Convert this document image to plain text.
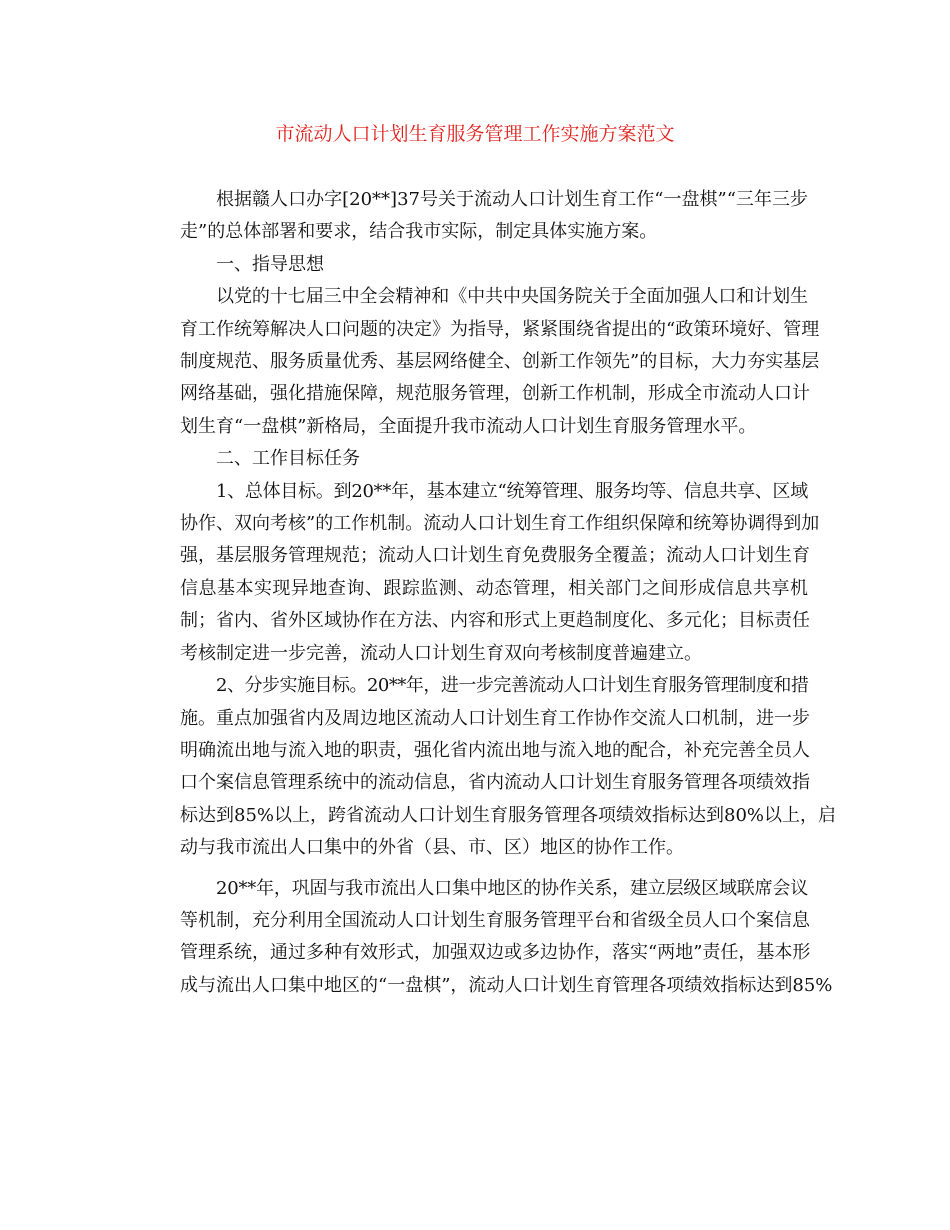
市流动人口计划生育服务管理工作实施方案范文
根据赣人口办字[20**]37号关于流动人口计划生育工作“一盘棋”“三年三步
走”的总体部署和要求，结合我市实际，制定具体实施方案。
一、指导思想
以党的十七届三中全会精神和《中共中央国务院关于全面加强人口和计划生
育工作统筹解决人口问题的决定》为指导，紧紧围绕省提出的“政策环境好、管理
制度规范、服务质量优秀、基层网络健全、创新工作领先”的目标，大力夯实基层
网络基础，强化措施保障，规范服务管理，创新工作机制，形成全市流动人口计
划生育“一盘棋”新格局，全面提升我市流动人口计划生育服务管理水平。
二、工作目标任务
1、总体目标。到20**年，基本建立“统筹管理、服务均等、信息共享、区域
协作、双向考核”的工作机制。流动人口计划生育工作组织保障和统筹协调得到加
强，基层服务管理规范；流动人口计划生育免费服务全覆盖；流动人口计划生育
信息基本实现异地查询、跟踪监测、动态管理，相关部门之间形成信息共享机
制；省内、省外区域协作在方法、内容和形式上更趋制度化、多元化；目标责任
考核制定进一步完善，流动人口计划生育双向考核制度普遍建立。
2、分步实施目标。20**年，进一步完善流动人口计划生育服务管理制度和措
施。重点加强省内及周边地区流动人口计划生育工作协作交流人口机制，进一步
明确流出地与流入地的职责，强化省内流出地与流入地的配合，补充完善全员人
口个案信息管理系统中的流动信息，省内流动人口计划生育服务管理各项绩效指
标达到85%以上，跨省流动人口计划生育服务管理各项绩效指标达到80%以上，启
动与我市流出人口集中的外省（县、市、区）地区的协作工作。
20**年，巩固与我市流出人口集中地区的协作关系，建立层级区域联席会议
等机制，充分利用全国流动人口计划生育服务管理平台和省级全员人口个案信息
管理系统，通过多种有效形式，加强双边或多边协作，落实“两地”责任，基本形
成与流出人口集中地区的“一盘棋”，流动人口计划生育管理各项绩效指标达到85%
